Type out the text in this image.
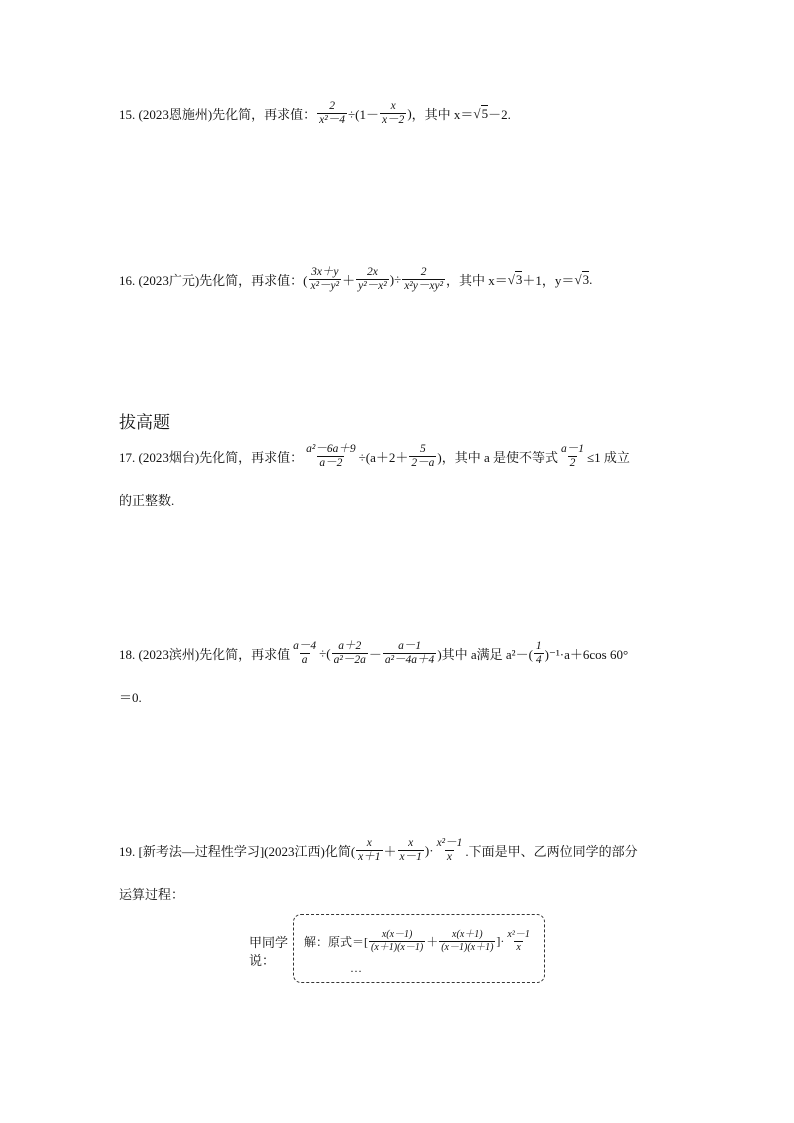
15. (2023恩施州)先化简，再求值： $\frac{2}{\text{x²－4}} \div(1- \frac{x}{x-2}$ ) ，其中 x＝ √ 5 －2.
16. (2023广元)先化简，再求值：( $\frac{3x+y}{\text{x²－y²}} + \frac{2x}{\text{y²－x²}}$ )÷ $\frac{2}{\text{x²y－xy²}}$ ，其中 x＝ √ 3 ＋1，y＝ √ 3 .
拔高题
17. (2023烟台)先化简，再求值： $\frac{\text{a²－6a＋9}}{a-2} \div(a+2+ \frac{5}{2-a}$ )，其中 a 是使不等式 $\frac{a-1}{2} \le 1$ 成立
的正整数.
18. (2023滨州)先化简，再求值 $\frac{a-4}{a}$ ÷( $\frac{a+2}{\text{a²－2a}} - \frac{a-1}{\text{a²－4a＋4}}$ )其中 a满足 $a^2-( \frac{1}{4} )^{-1}\cdot a+6\cos$ 60°
＝0.
19. [新考法—过程性学习](2023江西)化简( $\frac{x}{x+1} + \frac{x}{x-1}$ )· $\frac{\text{x²－1}}{x}$ .下面是甲、乙两位同学的部分
运算过程：
甲同学
说：
解：原式＝[ $\frac{x(x-1)}{(x+1)(x-1)} + \frac{x(x+1)}{(x-1)(x+1)}$ ]· $\frac{\text{x²－1}}{x}$
…
